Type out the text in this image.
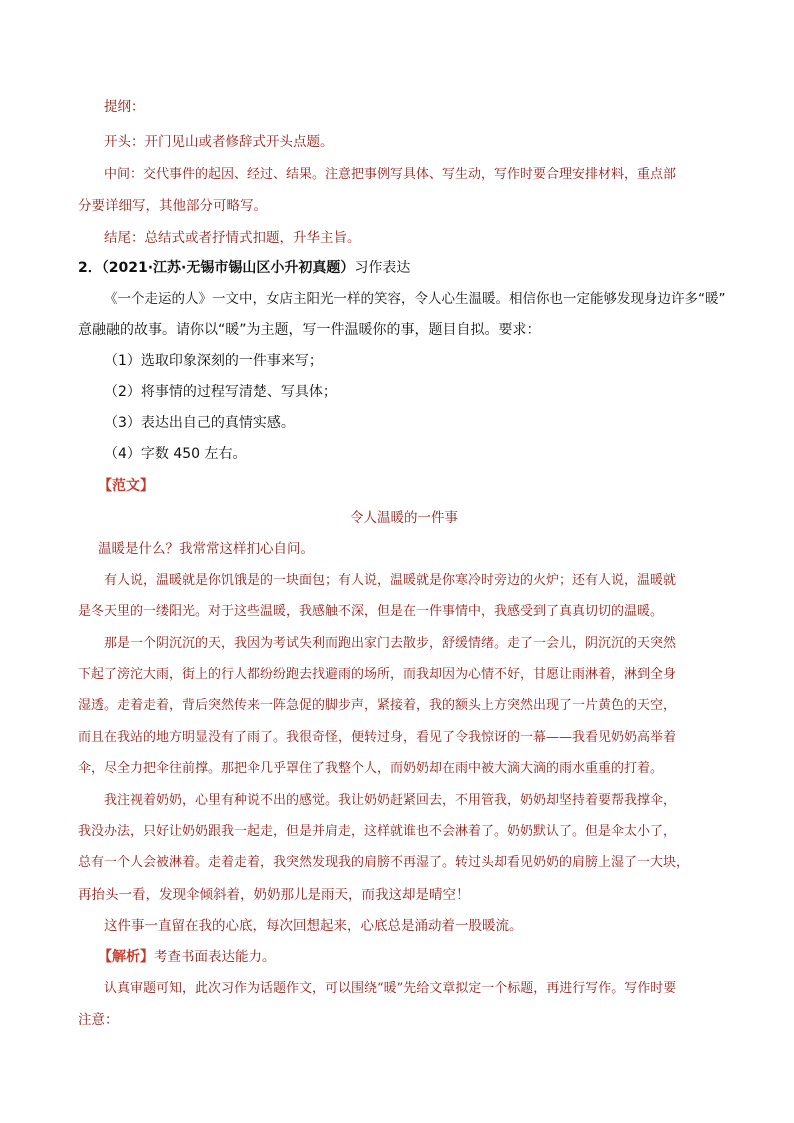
提纲：
开头：开门见山或者修辞式开头点题。
中间：交代事件的起因、经过、结果。注意把事例写具体、写生动，写作时要合理安排材料，重点部
分要详细写，其他部分可略写。
结尾：总结式或者抒情式扣题，升华主旨。
2．（2021·江苏·无锡市锡山区小升初真题）习作表达
《一个走运的人》一文中，女店主阳光一样的笑容，令人心生温暖。相信你也一定能够发现身边许多“暖”
意融融的故事。请你以“暖”为主题，写一件温暖你的事，题目自拟。要求：
（1）选取印象深刻的一件事来写；
（2）将事情的过程写清楚、写具体；
（3）表达出自己的真情实感。
（4）字数 450 左右。
【范文】
令人温暖的一件事
温暖是什么？我常常这样扪心自问。
有人说，温暖就是你饥饿是的一块面包；有人说，温暖就是你寒冷时旁边的火炉；还有人说，温暖就
是冬天里的一缕阳光。对于这些温暖，我感触不深，但是在一件事情中，我感受到了真真切切的温暖。
那是一个阴沉沉的天，我因为考试失利而跑出家门去散步，舒缓情绪。走了一会儿，阴沉沉的天突然
下起了滂沱大雨，街上的行人都纷纷跑去找避雨的场所，而我却因为心情不好，甘愿让雨淋着，淋到全身
湿透。走着走着，背后突然传来一阵急促的脚步声，紧接着，我的额头上方突然出现了一片黄色的天空，
而且在我站的地方明显没有了雨了。我很奇怪，便转过身，看见了令我惊讶的一幕——我看见奶奶高举着
伞，尽全力把伞往前撑。那把伞几乎罩住了我整个人，而奶奶却在雨中被大滴大滴的雨水重重的打着。
我注视着奶奶，心里有种说不出的感觉。我让奶奶赶紧回去，不用管我，奶奶却坚持着要帮我撑伞，
我没办法，只好让奶奶跟我一起走，但是并肩走，这样就谁也不会淋着了。奶奶默认了。但是伞太小了，
总有一个人会被淋着。走着走着，我突然发现我的肩膀不再湿了。转过头却看见奶奶的肩膀上湿了一大块，
再抬头一看，发现伞倾斜着，奶奶那儿是雨天，而我这却是晴空！
这件事一直留在我的心底，每次回想起来，心底总是涌动着一股暖流。
【解析】考查书面表达能力。
认真审题可知，此次习作为话题作文，可以围绕“暖”先给文章拟定一个标题，再进行写作。写作时要
注意：
